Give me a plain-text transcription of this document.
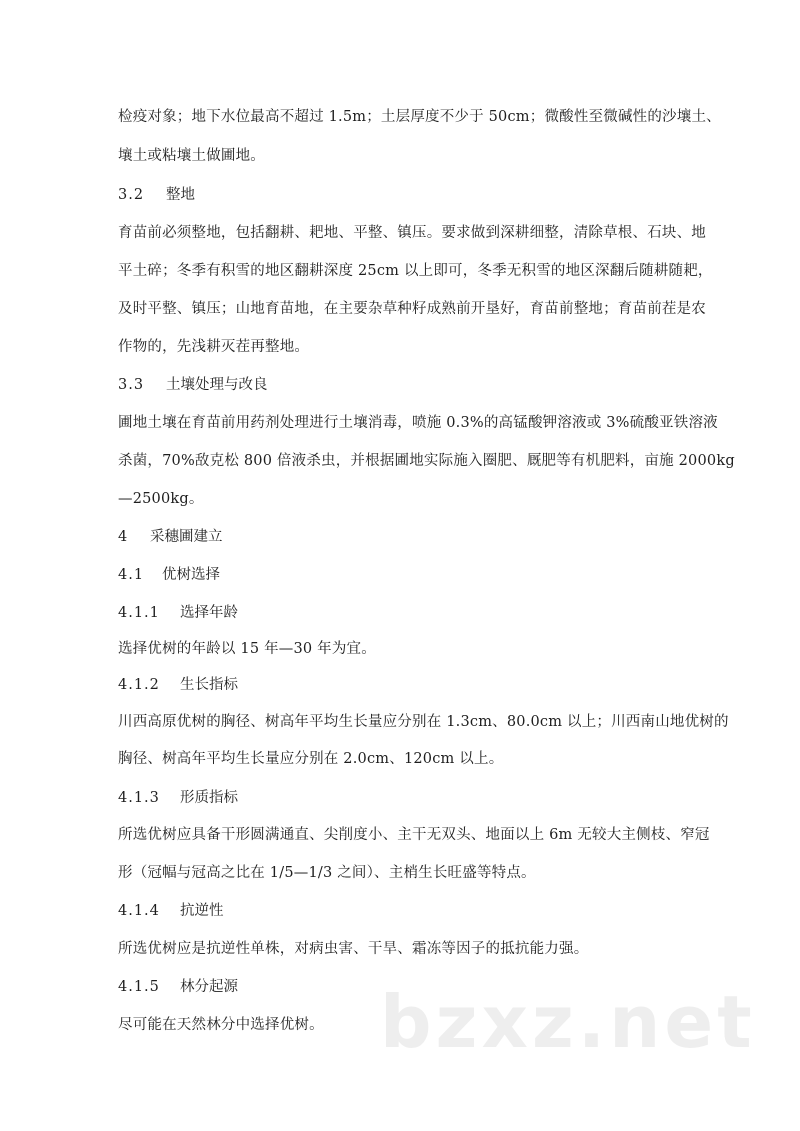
检疫对象；地下水位最高不超过 1.5m；土层厚度不少于 50cm；微酸性至微碱性的沙壤土、
壤土或粘壤土做圃地。
3.2 整地
育苗前必须整地，包括翻耕、耙地、平整、镇压。要求做到深耕细整，清除草根、石块、地
平土碎；冬季有积雪的地区翻耕深度 25cm 以上即可，冬季无积雪的地区深翻后随耕随耙，
及时平整、镇压；山地育苗地，在主要杂草种籽成熟前开垦好，育苗前整地；育苗前茬是农
作物的，先浅耕灭茬再整地。
3.3 土壤处理与改良
圃地土壤在育苗前用药剂处理进行土壤消毒，喷施 0.3%的高锰酸钾溶液或 3%硫酸亚铁溶液
杀菌，70%敌克松 800 倍液杀虫，并根据圃地实际施入圈肥、厩肥等有机肥料，亩施 2000kg
—2500kg。
4 采穗圃建立
4.1 优树选择
4.1.1 选择年龄
选择优树的年龄以 15 年—30 年为宜。
4.1.2 生长指标
川西高原优树的胸径、树高年平均生长量应分别在 1.3cm、80.0cm 以上；川西南山地优树的
胸径、树高年平均生长量应分别在 2.0cm、120cm 以上。
4.1.3 形质指标
所选优树应具备干形圆满通直、尖削度小、主干无双头、地面以上 6m 无较大主侧枝、窄冠
形（冠幅与冠高之比在 1/5—1/3 之间）、主梢生长旺盛等特点。
4.1.4 抗逆性
所选优树应是抗逆性单株，对病虫害、干旱、霜冻等因子的抵抗能力强。
4.1.5 林分起源
尽可能在天然林分中选择优树。 bzxz.net
